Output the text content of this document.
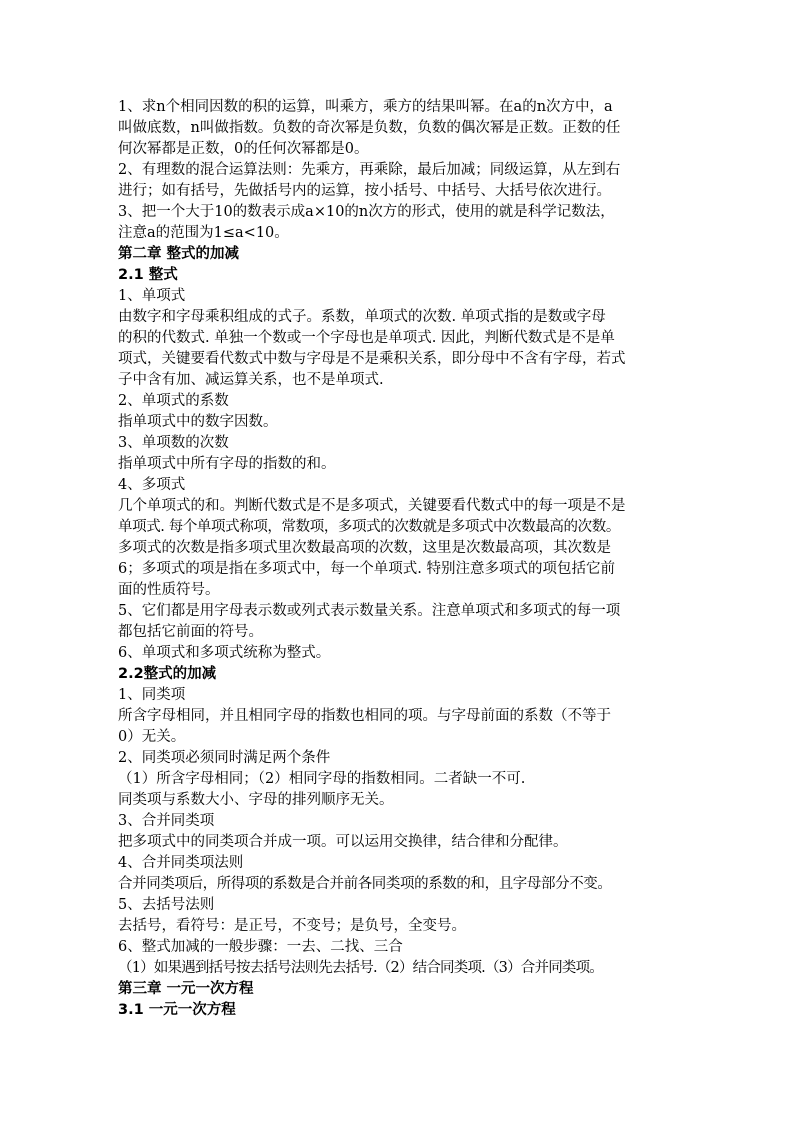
1、求n个相同因数的积的运算，叫乘方，乘方的结果叫幂。在a的n次方中，a
叫做底数，n叫做指数。负数的奇次幂是负数，负数的偶次幂是正数。正数的任
何次幂都是正数，0的任何次幂都是0。
2、有理数的混合运算法则：先乘方，再乘除，最后加减；同级运算，从左到右
进行；如有括号，先做括号内的运算，按小括号、中括号、大括号依次进行。
3、把一个大于10的数表示成a×10的n次方的形式，使用的就是科学记数法，
注意a的范围为1≤a<10。
第二章 整式的加减
2.1 整式
1、单项式
由数字和字母乘积组成的式子。系数，单项式的次数. 单项式指的是数或字母
的积的代数式. 单独一个数或一个字母也是单项式. 因此，判断代数式是不是单
项式，关键要看代数式中数与字母是不是乘积关系，即分母中不含有字母，若式
子中含有加、减运算关系，也不是单项式.
2、单项式的系数
指单项式中的数字因数。
3、单项数的次数
指单项式中所有字母的指数的和。
4、多项式
几个单项式的和。判断代数式是不是多项式，关键要看代数式中的每一项是不是
单项式. 每个单项式称项，常数项，多项式的次数就是多项式中次数最高的次数。
多项式的次数是指多项式里次数最高项的次数，这里是次数最高项，其次数是
6；多项式的项是指在多项式中，每一个单项式. 特别注意多项式的项包括它前
面的性质符号。
5、它们都是用字母表示数或列式表示数量关系。注意单项式和多项式的每一项
都包括它前面的符号。
6、单项式和多项式统称为整式。
2.2整式的加减
1、同类项
所含字母相同，并且相同字母的指数也相同的项。与字母前面的系数（不等于
0）无关。
2、同类项必须同时满足两个条件
（1）所含字母相同；（2）相同字母的指数相同。二者缺一不可.
同类项与系数大小、字母的排列顺序无关。
3、合并同类项
把多项式中的同类项合并成一项。可以运用交换律，结合律和分配律。
4、合并同类项法则
合并同类项后，所得项的系数是合并前各同类项的系数的和，且字母部分不变。
5、去括号法则
去括号，看符号：是正号，不变号；是负号，全变号。
6、整式加减的一般步骤：一去、二找、三合
（1）如果遇到括号按去括号法则先去括号.（2）结合同类项.（3）合并同类项。
第三章 一元一次方程
3.1 一元一次方程
